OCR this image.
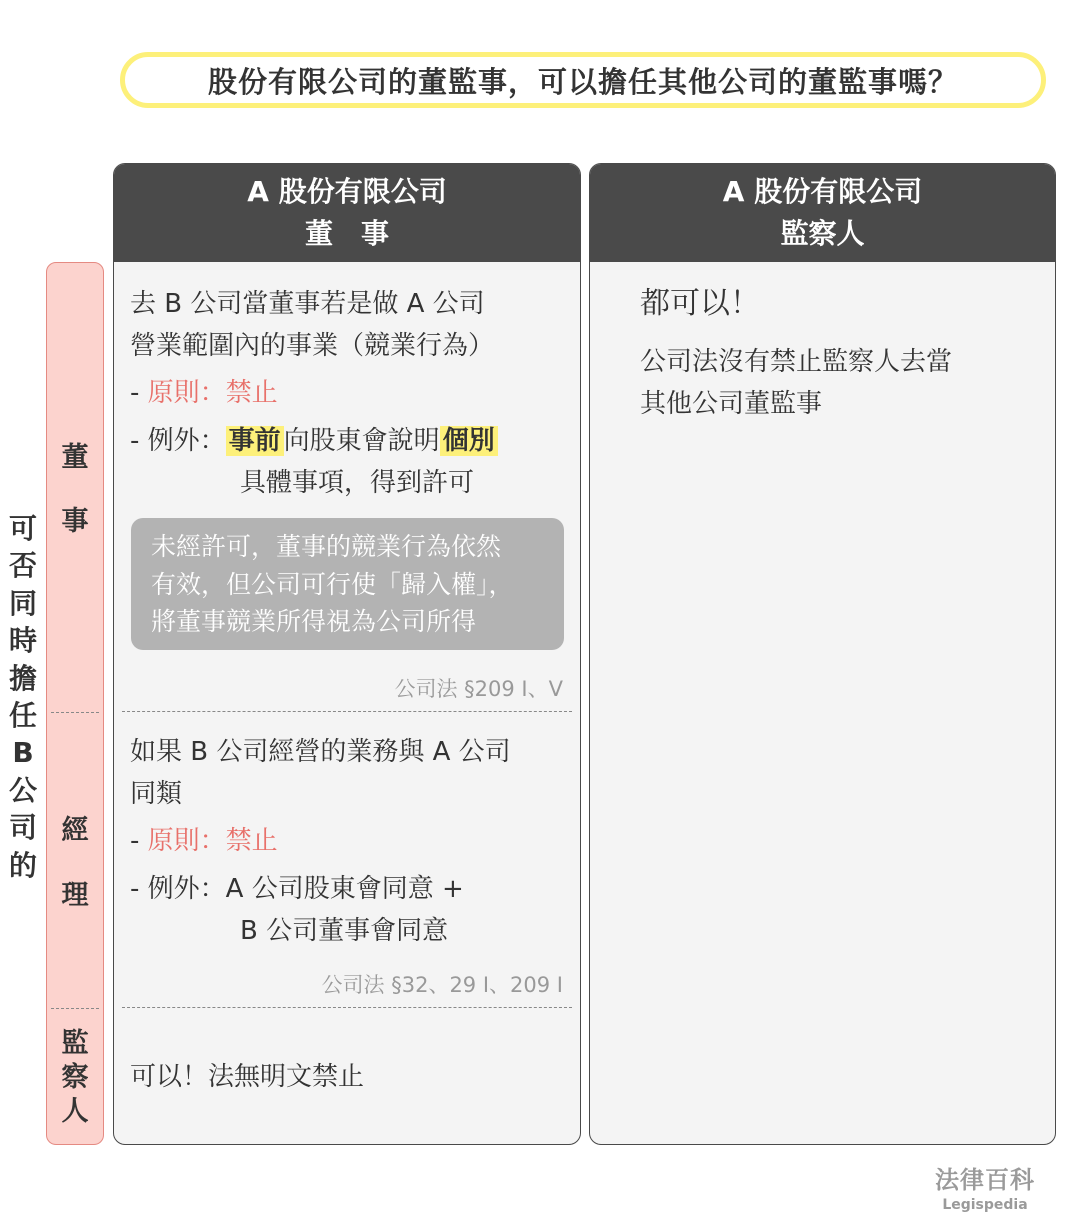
股份有限公司的董監事，可以擔任其他公司的董監事嗎？
可
否
同
時
擔
任
B
公
司
的
董
事
經
理
監
察
人
A 股份有限公司
董　事
A 股份有限公司
監察人
去 B 公司當董事若是做 A 公司
營業範圍內的事業（競業行為）
- 原則：禁止
- 例外： 事前 向股東會說明 個別
具體事項，得到許可
未經許可，董事的競業行為依然
有效，但公司可行使「歸入權」，
將董事競業所得視為公司所得
公司法 §209 I、V
如果 B 公司經營的業務與 A 公司
同類
- 原則：禁止
- 例外：A 公司股東會同意 +
B 公司董事會同意
公司法 §32、29 I、209 I
可以！法無明文禁止
都可以！
公司法沒有禁止監察人去當
其他公司董監事
法律百科
Legispedia
